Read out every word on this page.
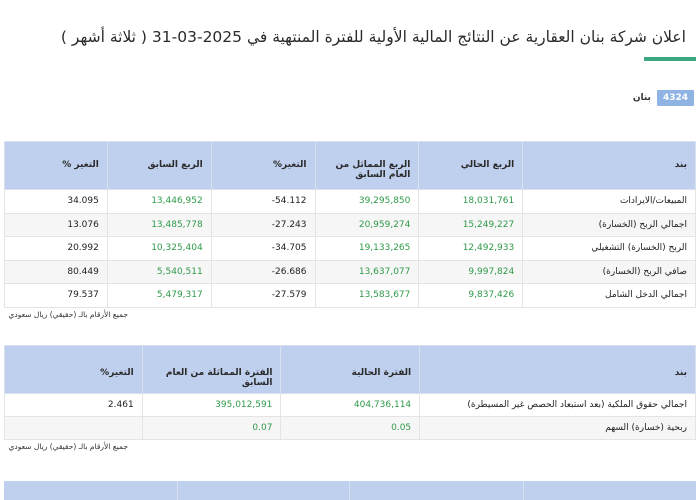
اعلان شركة بنان العقارية عن النتائج المالية الأولية للفترة المنتهية في 2025-03-31 ( ثلاثة أشهر )
4324
بنان
بند	الربع الحالي	الربع المماثل من العام السابق	التغير%	الربع السابق	التغير %
المبيعات/الايرادات	18,031,761	39,295,850	54.112-	13,446,952	34.095
اجمالي الربح (الخسارة)	15,249,227	20,959,274	27.243-	13,485,778	13.076
الربح (الخسارة) التشغيلي	12,492,933	19,133,265	34.705-	10,325,404	20.992
صافي الربح (الخسارة)	9,997,824	13,637,077	26.686-	5,540,511	80.449
اجمالي الدخل الشامل	9,837,426	13,583,677	27.579-	5,479,317	79.537
جميع الأرقام بالـ (حقيقي) ريال سعودي					
بند	الفترة الحالية	الفترة المماثلة من العام السابق	التغير%
اجمالي حقوق الملكية (بعد استبعاد الحصص غير المسيطرة)	404,736,114	395,012,591	2.461
ربحية (خسارة) السهم	0.05	0.07	
جميع الأرقام بالـ (حقيقي) ريال سعودي			
